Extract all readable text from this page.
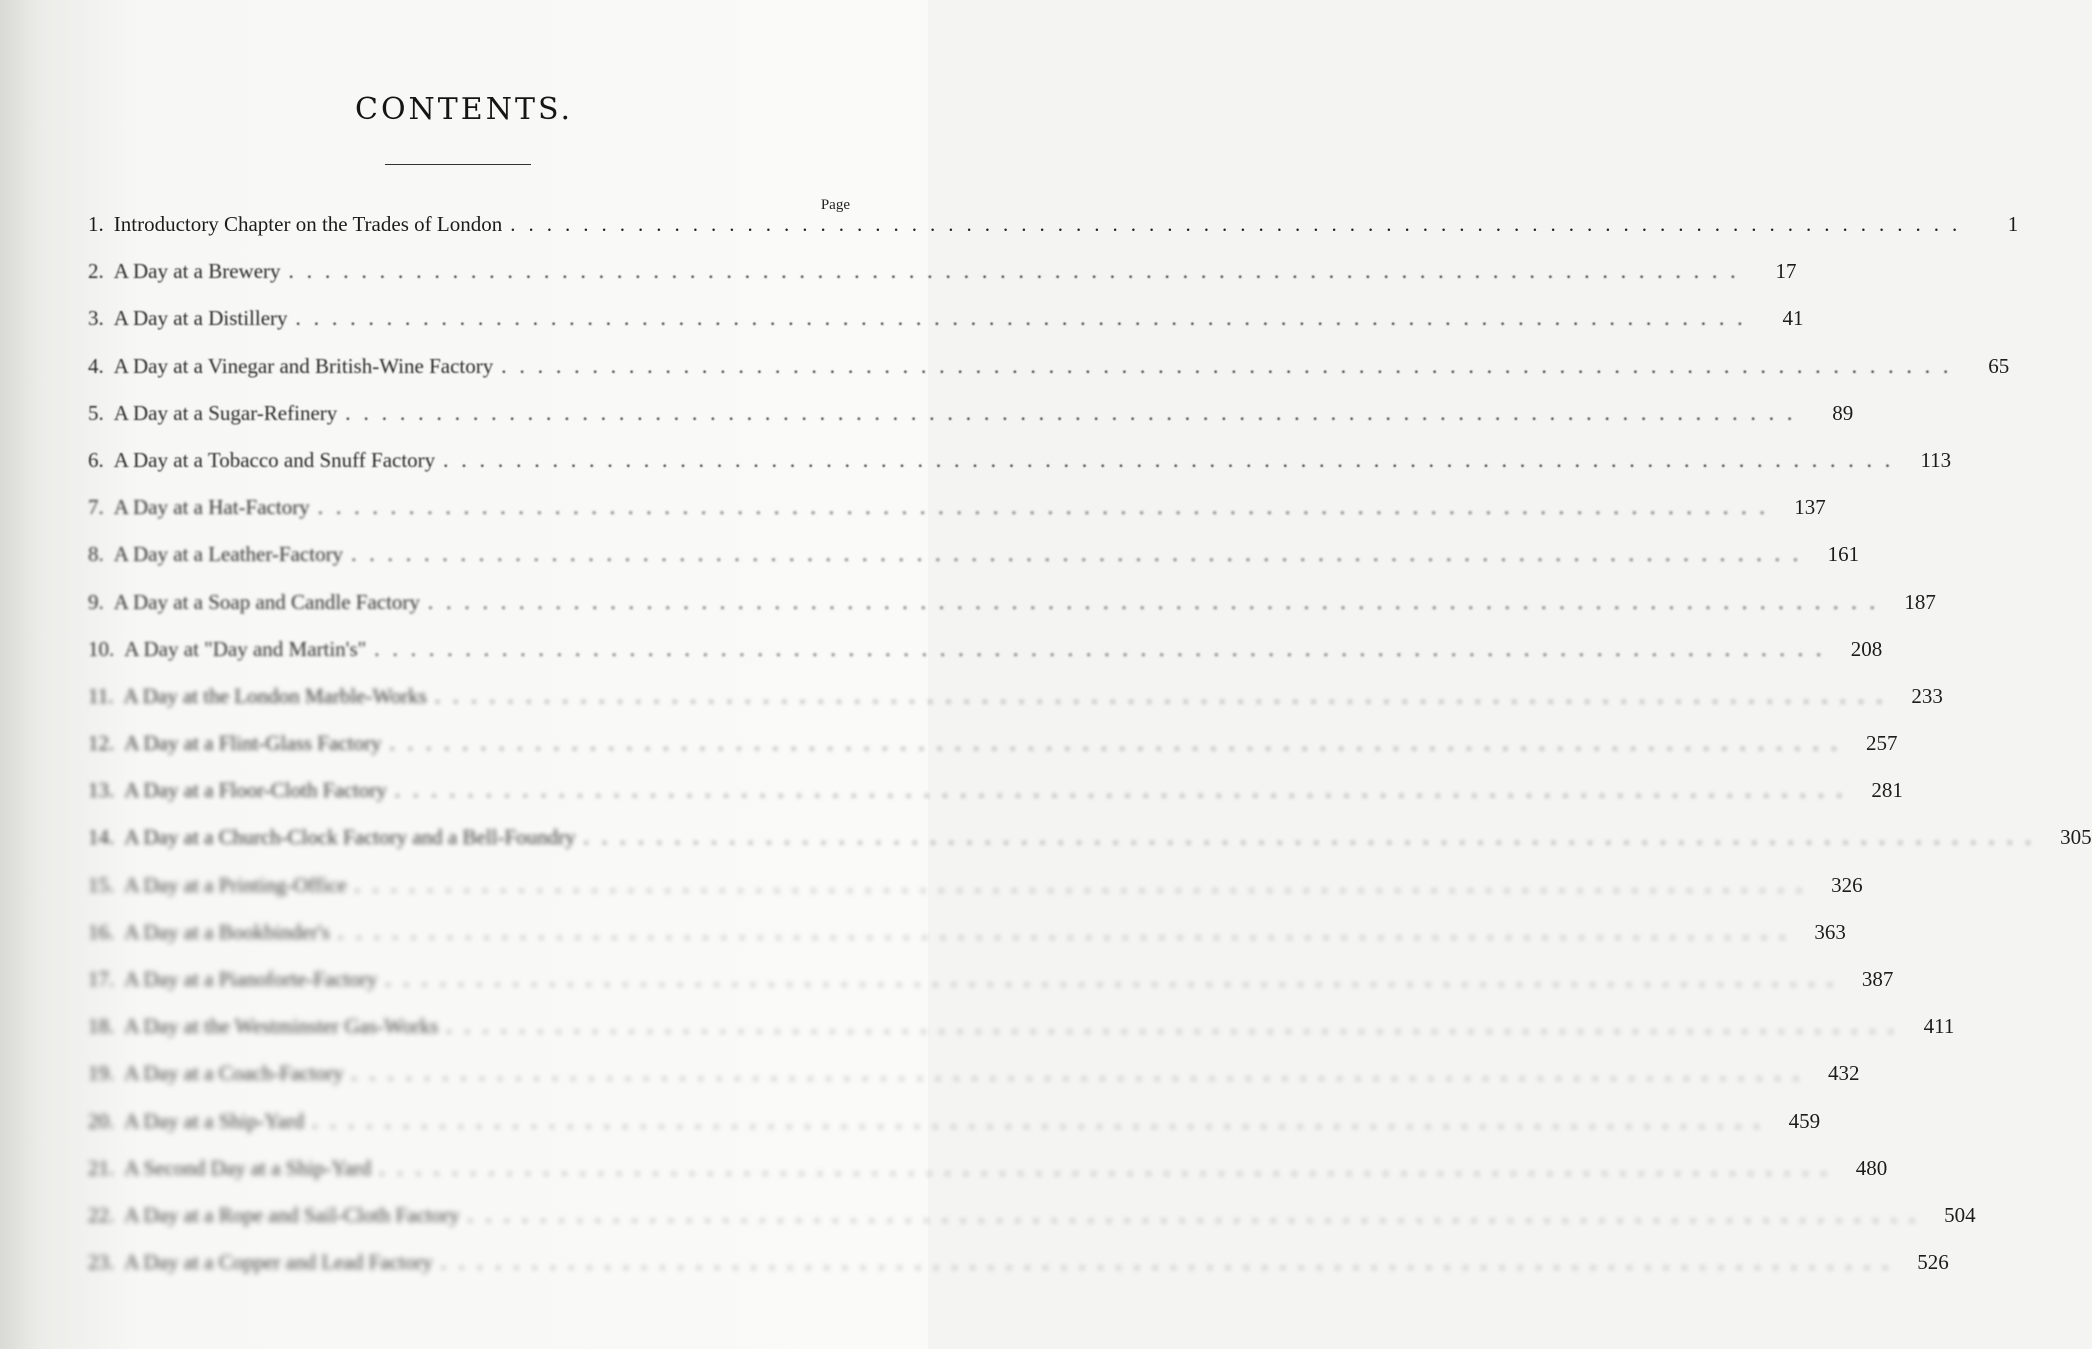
CONTENTS.
Page
1. Introductory Chapter on the Trades of London ................................................................................	1
2. A Day at a Brewery ................................................................................	17
3. A Day at a Distillery ................................................................................	41
4. A Day at a Vinegar and British-Wine Factory ................................................................................	65
5. A Day at a Sugar-Refinery ................................................................................	89
6. A Day at a Tobacco and Snuff Factory ................................................................................ 113
7. A Day at a Hat-Factory ................................................................................ 137
8. A Day at a Leather-Factory ................................................................................ 161
9. A Day at a Soap and Candle Factory ................................................................................ 187
10. A Day at "Day and Martin's" ................................................................................ 208
11. A Day at the London Marble-Works ................................................................................ 233
12. A Day at a Flint-Glass Factory ................................................................................ 257
13. A Day at a Floor-Cloth Factory ................................................................................ 281
14. A Day at a Church-Clock Factory and a Bell-Foundry ................................................................................ 305
15. A Day at a Printing-Office ................................................................................ 326
16. A Day at a Bookbinder's ................................................................................ 363
17. A Day at a Pianoforte-Factory ................................................................................ 387
18. A Day at the Westminster Gas-Works ................................................................................ 411
19. A Day at a Coach-Factory ................................................................................ 432
20. A Day at a Ship-Yard ................................................................................ 459
21. A Second Day at a Ship-Yard ................................................................................ 480
22. A Day at a Rope and Sail-Cloth Factory ................................................................................ 504
23. A Day at a Copper and Lead Factory ................................................................................ 526
